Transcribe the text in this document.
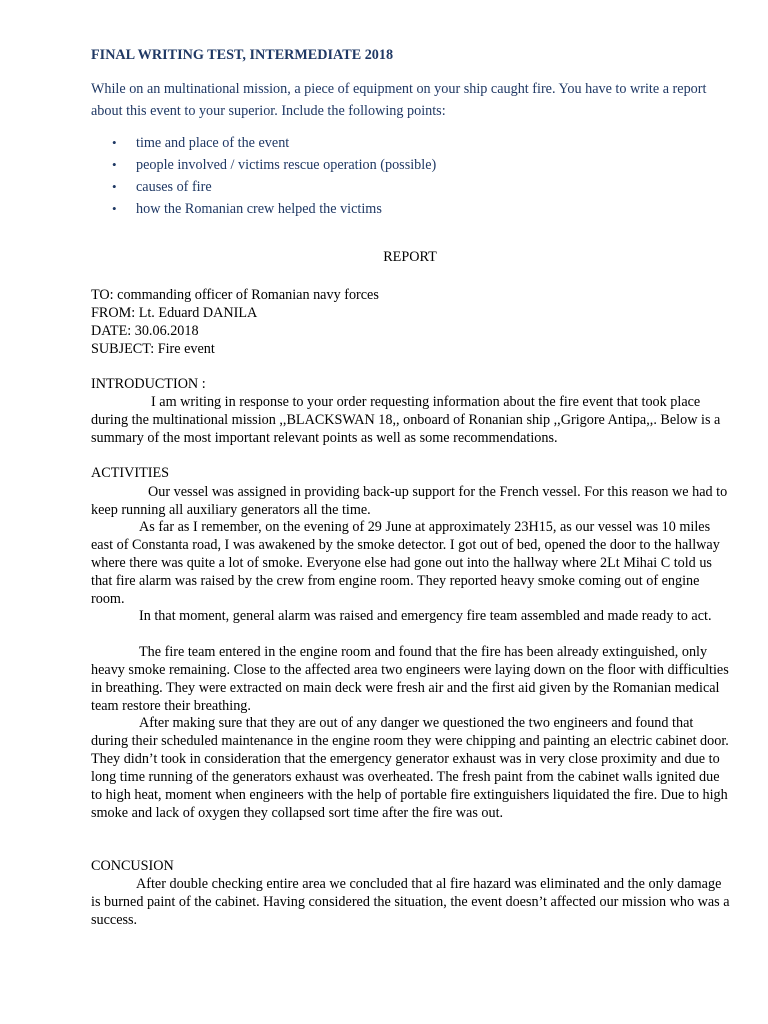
FINAL WRITING TEST, INTERMEDIATE 2018

While on an multinational mission, a piece of equipment on your ship caught fire. You have to write a report about this event to your superior. Include the following points:

• time and place of the event
• people involved / victims rescue operation (possible)
• causes of fire
• how the Romanian crew helped the victims
REPORT
TO: commanding officer of Romanian navy forces
FROM: Lt. Eduard DANILA
DATE: 30.06.2018
SUBJECT: Fire event
INTRODUCTION :

I am writing in response to your order requesting information about the fire event that took place during the multinational mission ,,BLACKSWAN 18,, onboard of Ronanian ship ,,Grigore Antipa,,. Below is a summary of the most important relevant points as well as some recommendations.

ACTIVITIES

Our vessel was assigned in providing back-up support for the French vessel. For this reason we had to keep running all auxiliary generators all the time.

As far as I remember, on the evening of 29 June at approximately 23H15, as our vessel was 10 miles east of Constanta road, I was awakened by the smoke detector. I got out of bed, opened the door to the hallway where there was quite a lot of smoke. Everyone else had gone out into the hallway where 2Lt Mihai C told us that fire alarm was raised by the crew from engine room. They reported heavy smoke coming out of engine room.

In that moment, general alarm was raised and emergency fire team assembled and made ready to act.

The fire team entered in the engine room and found that the fire has been already extinguished, only heavy smoke remaining. Close to the affected area two engineers were laying down on the floor with difficulties in breathing. They were extracted on main deck were fresh air and the first aid given by the Romanian medical team restore their breathing.

After making sure that they are out of any danger we questioned the two engineers and found that during their scheduled maintenance in the engine room they were chipping and painting an electric cabinet door. They didn’t took in consideration that the emergency generator exhaust was in very close proximity and due to long time running of the generators exhaust was overheated. The fresh paint from the cabinet walls ignited due to high heat, moment when engineers with the help of portable fire extinguishers liquidated the fire. Due to high smoke and lack of oxygen they collapsed sort time after the fire was out.

CONCUSION

After double checking entire area we concluded that al fire hazard was eliminated and the only damage is burned paint of the cabinet. Having considered the situation, the event doesn’t affected our mission who was a success.
